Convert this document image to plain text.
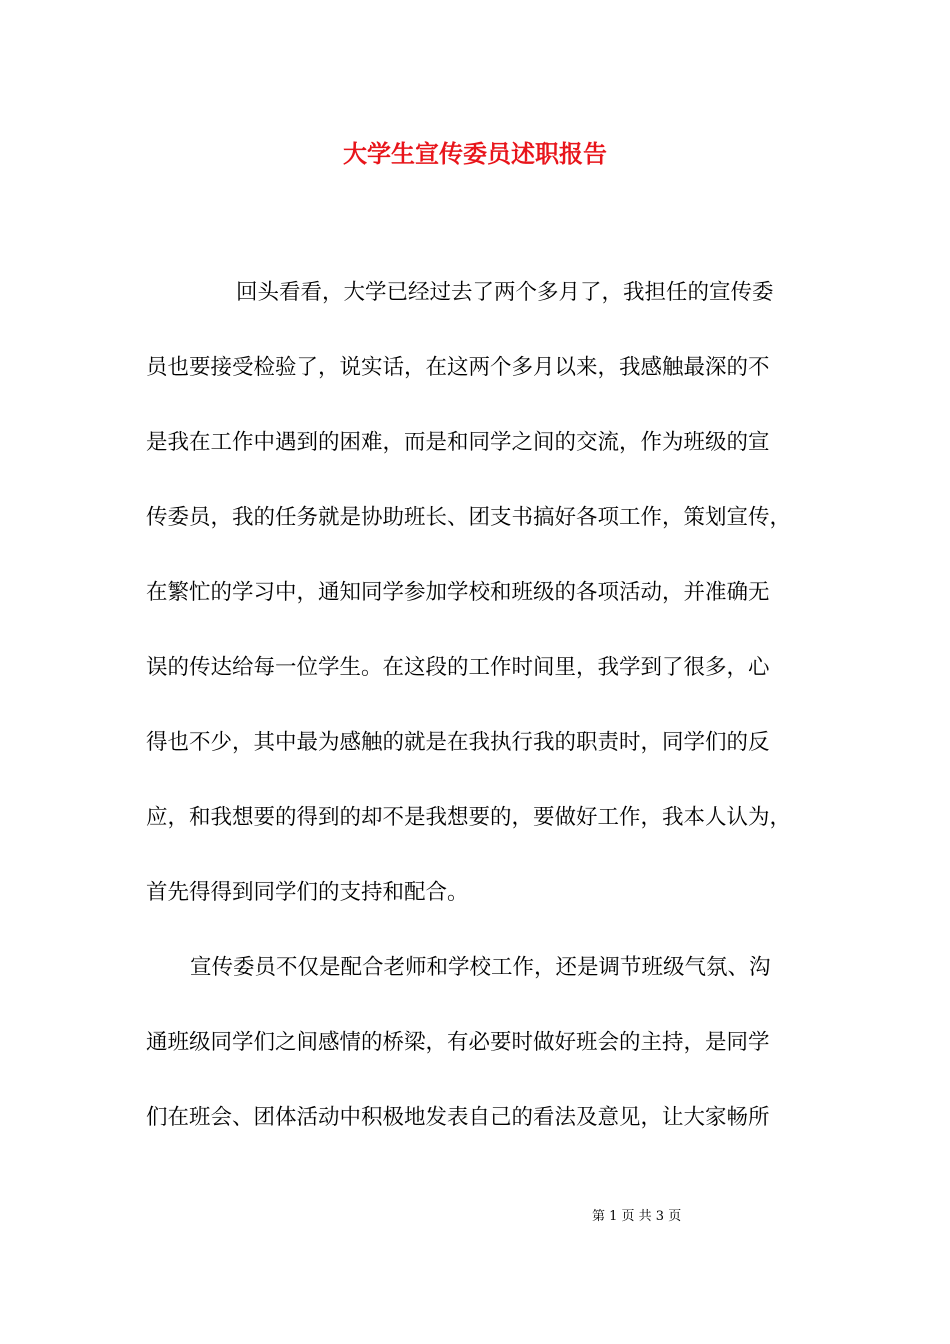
大学生宣传委员述职报告
回头看看，大学已经过去了两个多月了，我担任的宣传委
员也要接受检验了，说实话，在这两个多月以来，我感触最深的不
是我在工作中遇到的困难，而是和同学之间的交流，作为班级的宣
传委员，我的任务就是协助班长、团支书搞好各项工作，策划宣传，
在繁忙的学习中，通知同学参加学校和班级的各项活动，并准确无
误的传达给每一位学生。在这段的工作时间里，我学到了很多，心
得也不少，其中最为感触的就是在我执行我的职责时，同学们的反
应，和我想要的得到的却不是我想要的，要做好工作，我本人认为，
首先得得到同学们的支持和配合。
宣传委员不仅是配合老师和学校工作，还是调节班级气氛、沟
通班级同学们之间感情的桥梁，有必要时做好班会的主持，是同学
们在班会、团体活动中积极地发表自己的看法及意见，让大家畅所
第 1 页 共 3 页
